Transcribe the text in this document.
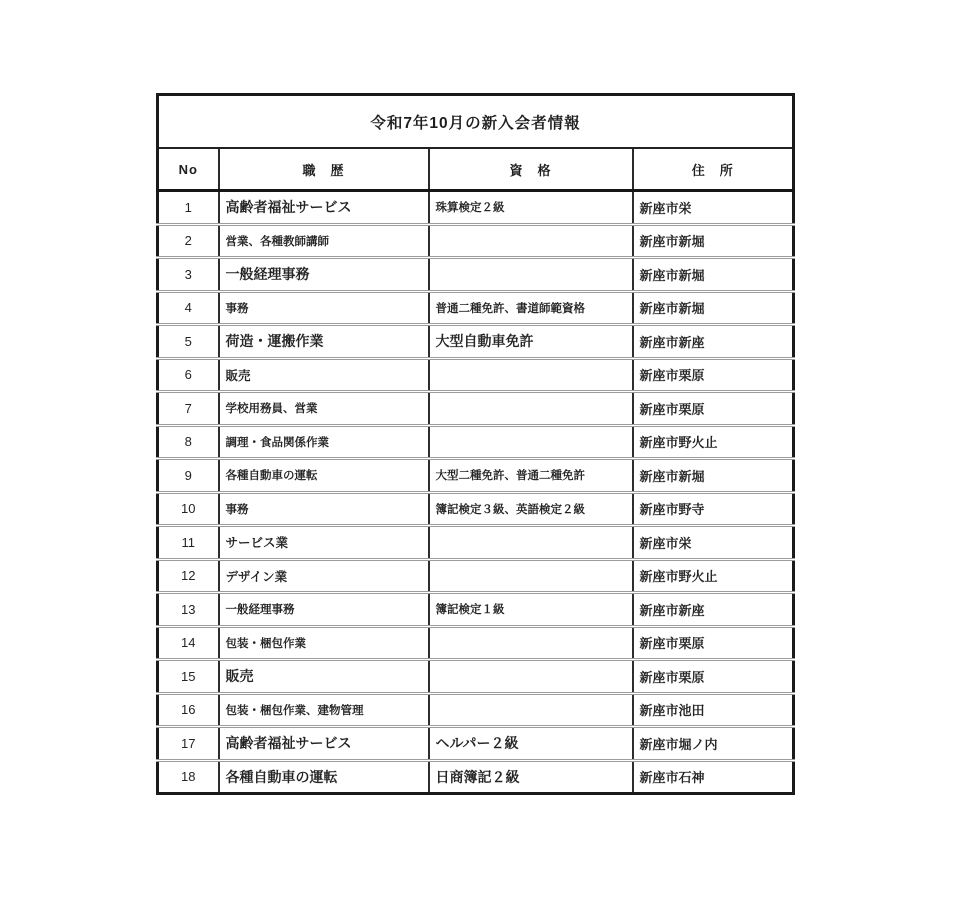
令和7年10月の新入会者情報			
No	職　歴	資　格	住　所
1	高齢者福祉サービス	珠算検定２級	新座市栄
2	営業、各種教師講師		新座市新堀
3	一般経理事務		新座市新堀
4	事務	普通二種免許、書道師範資格	新座市新堀
5	荷造・運搬作業	大型自動車免許	新座市新座
6	販売		新座市栗原
7	学校用務員、営業		新座市栗原
8	調理・食品関係作業		新座市野火止
9	各種自動車の運転	大型二種免許、普通二種免許	新座市新堀
10	事務	簿記検定３級、英語検定２級	新座市野寺
11	サービス業		新座市栄
12	デザイン業		新座市野火止
13	一般経理事務	簿記検定１級	新座市新座
14	包装・梱包作業		新座市栗原
15	販売		新座市栗原
16	包装・梱包作業、建物管理		新座市池田
17	高齢者福祉サービス	ヘルパー２級	新座市堀ノ内
18	各種自動車の運転	日商簿記２級	新座市石神
